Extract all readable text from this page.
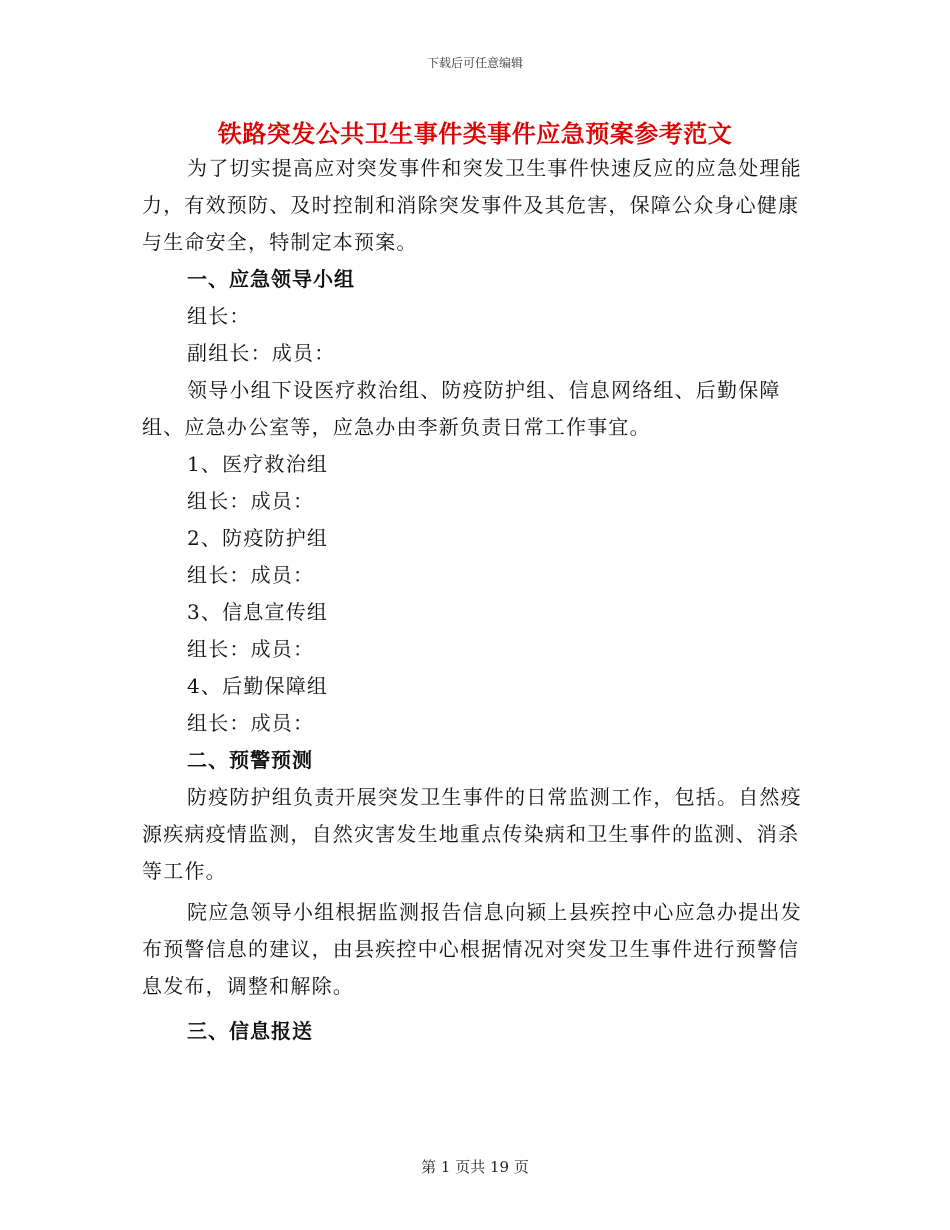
下载后可任意编辑
铁路突发公共卫生事件类事件应急预案参考范文

为了切实提高应对突发事件和突发卫生事件快速反应的应急处理能力，有效预防、及时控制和消除突发事件及其危害，保障公众身心健康与生命安全，特制定本预案。

一、应急领导小组

组长：

副组长：成员：

领导小组下设医疗救治组、防疫防护组、信息网络组、后勤保障组、应急办公室等，应急办由李新负责日常工作事宜。

1、医疗救治组

组长：成员：

2、防疫防护组

组长：成员：

3、信息宣传组

组长：成员：

4、后勤保障组

组长：成员：

二、预警预测

防疫防护组负责开展突发卫生事件的日常监测工作，包括。自然疫源疾病疫情监测，自然灾害发生地重点传染病和卫生事件的监测、消杀等工作。

院应急领导小组根据监测报告信息向颍上县疾控中心应急办提出发布预警信息的建议，由县疾控中心根据情况对突发卫生事件进行预警信息发布，调整和解除。

三、信息报送

第 1 页共 19 页
